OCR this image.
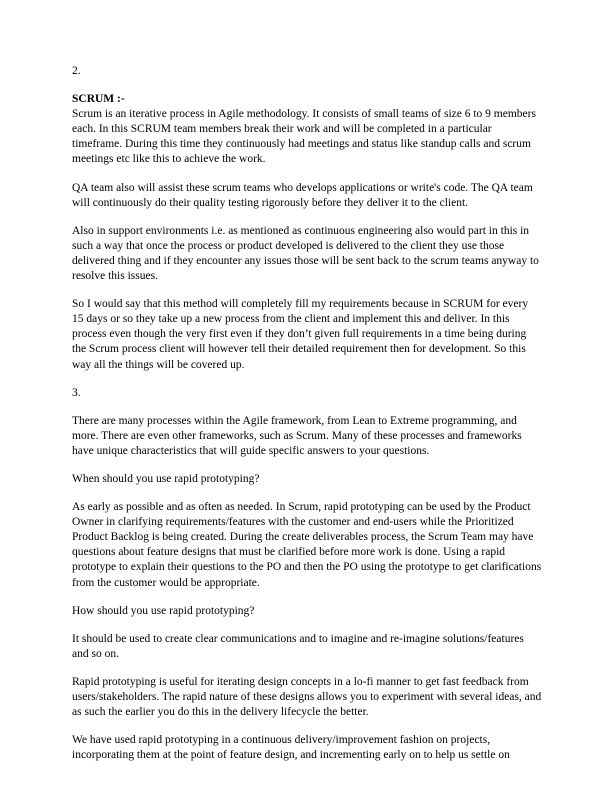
2.

SCRUM :-
Scrum is an iterative process in Agile methodology. It consists of small teams of size 6 to 9 members each. In this SCRUM team members break their work and will be completed in a particular timeframe. During this time they continuously had meetings and status like standup calls and scrum meetings etc like this to achieve the work.

QA team also will assist these scrum teams who develops applications or write's code. The QA team will continuously do their quality testing rigorously before they deliver it to the client.

Also in support environments i.e. as mentioned as continuous engineering also would part in this in such a way that once the process or product developed is delivered to the client they use those delivered thing and if they encounter any issues those will be sent back to the scrum teams anyway to resolve this issues.

So I would say that this method will completely fill my requirements because in SCRUM for every 15 days or so they take up a new process from the client and implement this and deliver. In this process even though the very first even if they don’t given full requirements in a time being during the Scrum process client will however tell their detailed requirement then for development. So this way all the things will be covered up.

3.

There are many processes within the Agile framework, from Lean to Extreme programming, and more. There are even other frameworks, such as Scrum. Many of these processes and frameworks have unique characteristics that will guide specific answers to your questions.

When should you use rapid prototyping?

As early as possible and as often as needed. In Scrum, rapid prototyping can be used by the Product Owner in clarifying requirements/features with the customer and end-users while the Prioritized Product Backlog is being created. During the create deliverables process, the Scrum Team may have questions about feature designs that must be clarified before more work is done. Using a rapid prototype to explain their questions to the PO and then the PO using the prototype to get clarifications from the customer would be appropriate.

How should you use rapid prototyping?

It should be used to create clear communications and to imagine and re-imagine solutions/features and so on.

Rapid prototyping is useful for iterating design concepts in a lo-fi manner to get fast feedback from users/stakeholders. The rapid nature of these designs allows you to experiment with several ideas, and as such the earlier you do this in the delivery lifecycle the better.

We have used rapid prototyping in a continuous delivery/improvement fashion on projects, incorporating them at the point of feature design, and incrementing early on to help us settle on
